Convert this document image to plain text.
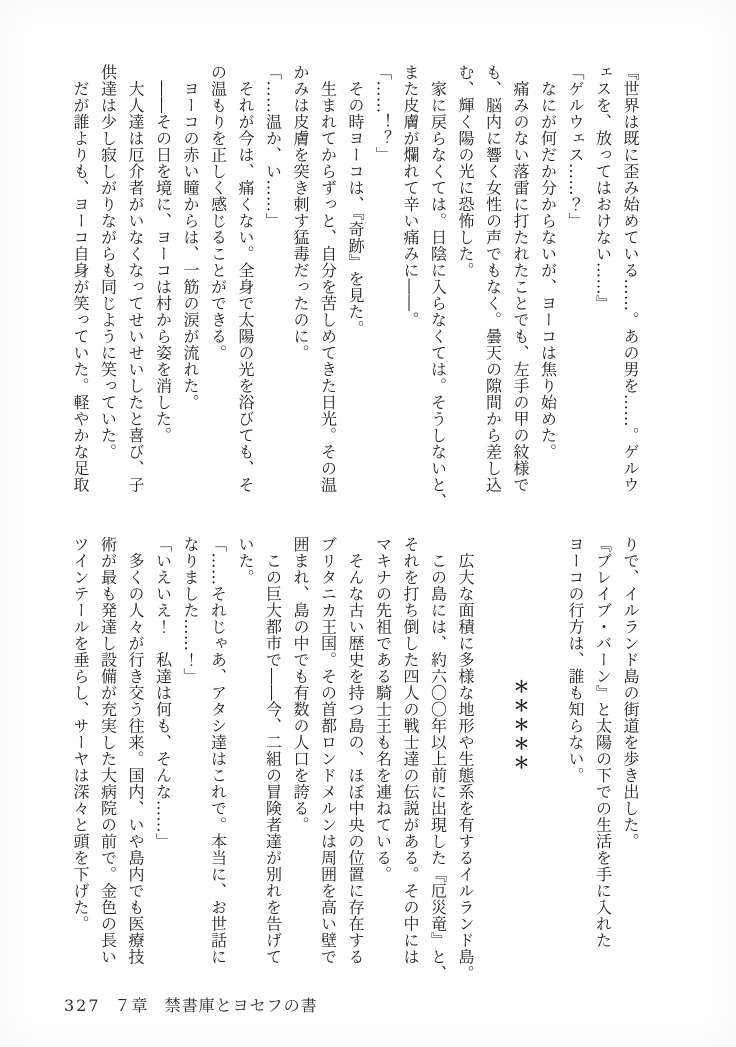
『世界は既に歪み始めている……。あの男を……。ゲルウ

ェスを、放ってはおけない……』

「ゲルウェス……？」

　なにが何だか分からないが、ヨーコは焦り始めた。

　痛みのない落雷に打たれたことでも、左手の甲の紋様で

も、脳内に響く女性の声でもなく。曇天の隙間から差し込

む、輝く陽の光に恐怖した。

　家に戻らなくては。日陰に入らなくては。そうしないと、

また皮膚が爛れて辛い痛みに――。

「……！？」

　その時ヨーコは、『奇跡』を見た。

　生まれてからずっと、自分を苦しめてきた日光。その温

かみは皮膚を突き刺す猛毒だったのに。

「……温か、い……」

　それが今は、痛くない。全身で太陽の光を浴びても、そ

の温もりを正しく感じることができる。

　ヨーコの赤い瞳からは、一筋の涙が流れた。

　――その日を境に、ヨーコは村から姿を消した。

　大人達は厄介者がいなくなってせいせいしたと喜び、子

供達は少し寂しがりながらも同じように笑っていた。

　だが誰よりも、ヨーコ自身が笑っていた。軽やかな足取

りで、イルランド島の街道を歩き出した。

『ブレイブ・バーン』と太陽の下での生活を手に入れた

ヨーコの行方は、誰も知らない。

＊＊＊＊＊

　広大な面積に多様な地形や生態系を有するイルランド島。

　この島には、約六〇〇年以上前に出現した『厄災竜』と、

それを打ち倒した四人の戦士達の伝説がある。その中には

マキナの先祖である騎士王も名を連ねている。

　そんな古い歴史を持つ島の、ほぼ中央の位置に存在する

ブリタニカ王国。その首都ロンドメルンは周囲を高い壁で

囲まれ、島の中でも有数の人口を誇る。

　この巨大都市で――今、二組の冒険者達が別れを告げて

いた。

「……それじゃあ、アタシ達はこれで。本当に、お世話に

なりました……！」

「いえいえ！　私達は何も、そんな……」

　多くの人々が行き交う往来。国内、いや島内でも医療技

術が最も発達し設備が充実した大病院の前で。金色の長い

ツインテールを垂らし、サーヤは深々と頭を下げた。

327 ７章 禁書庫とヨセフの書
